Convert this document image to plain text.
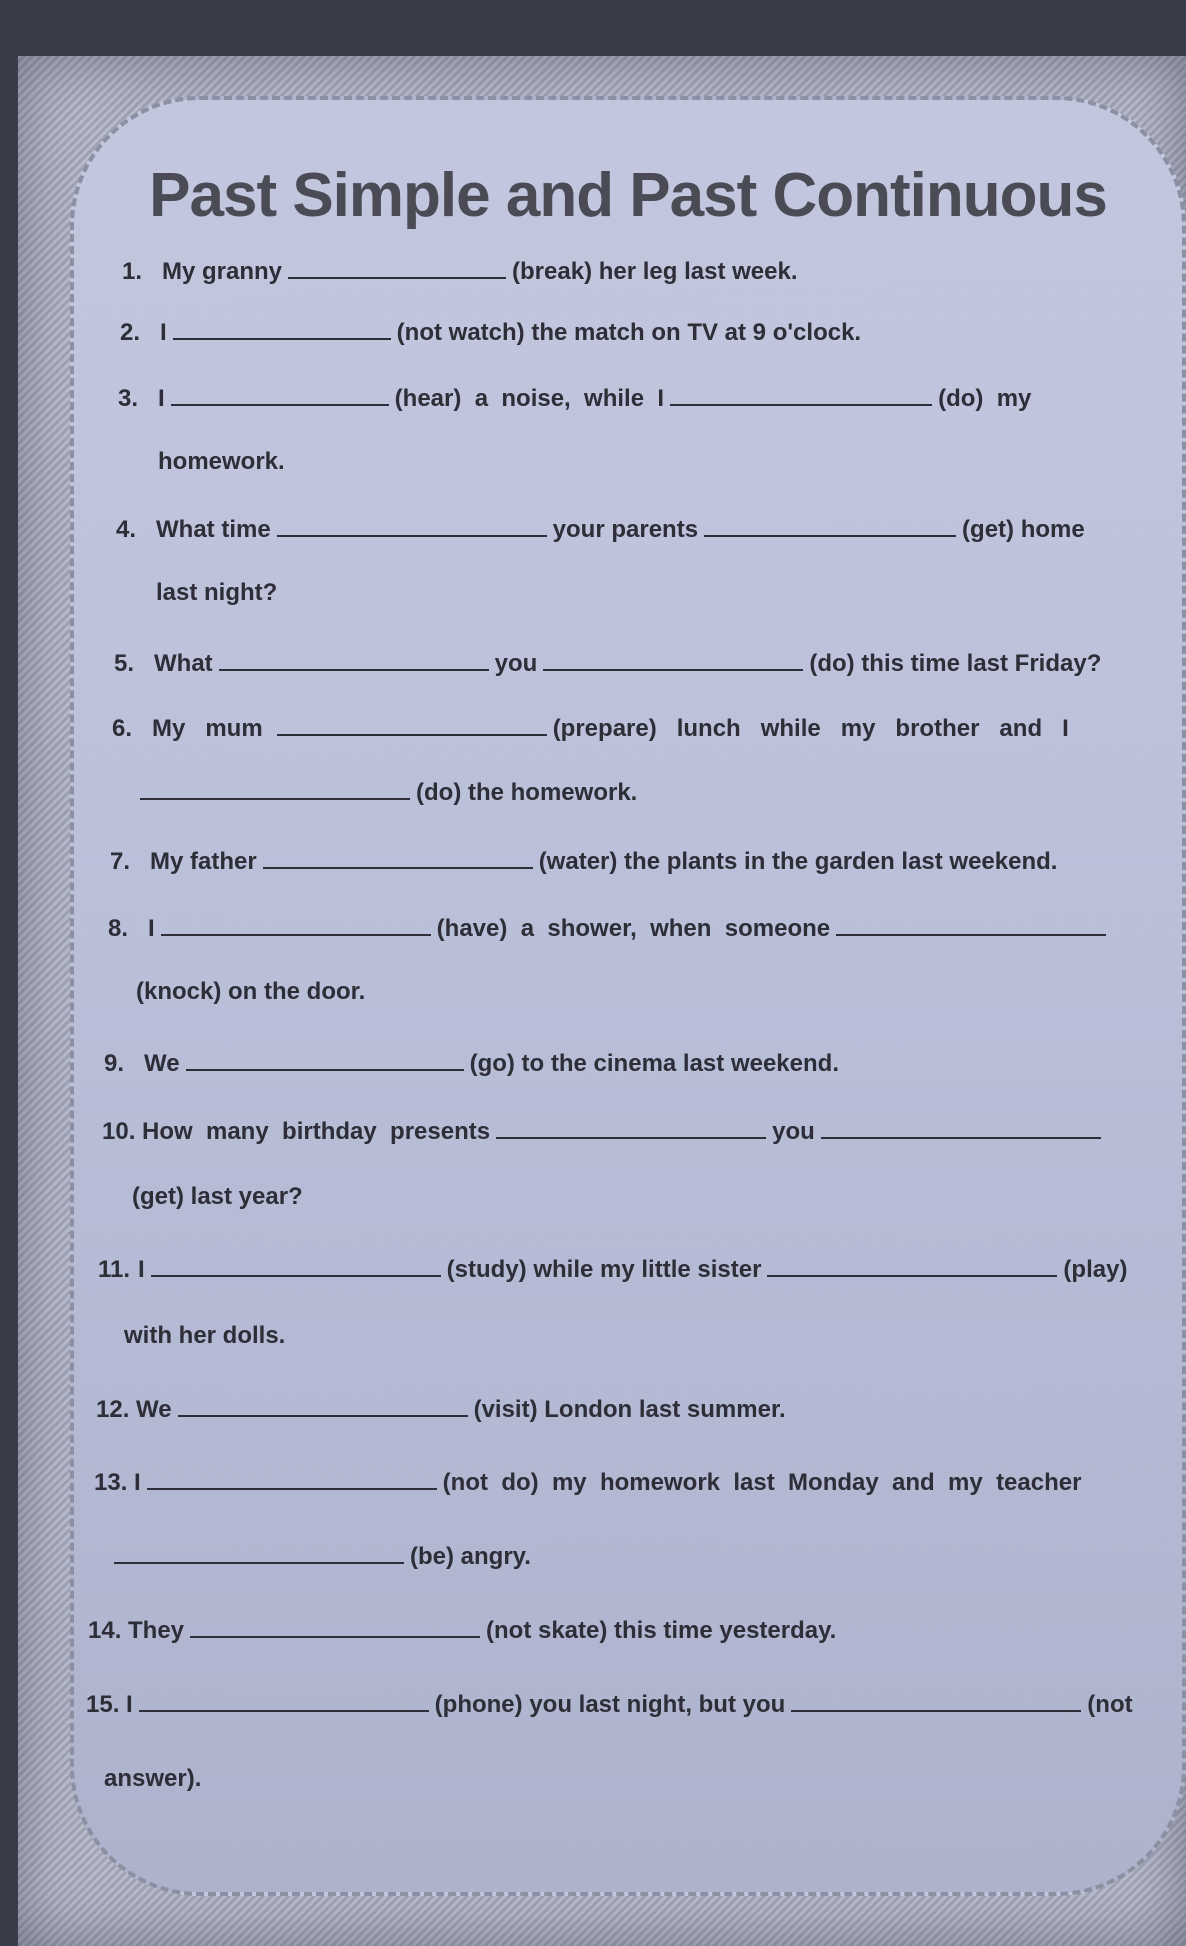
Past Simple and Past Continuous
1. My granny	(break) her leg last week.
2. I	(not watch) the match on TV at 9 o'clock.
3. I	(hear)  a  noise,  while  I	(do)  my
homework.
4. What time	your parents	(get) home
last night?
5. What	you	(do) this time last Friday?
6. My   mum	(prepare)   lunch   while   my   brother   and   I
(do) the homework.
7. My father	(water) the plants in the garden last weekend.
8. I	(have)  a  shower,  when  someone
(knock) on the door.
9. We	(go) to the cinema last weekend.
10. How  many  birthday  presents	you
(get) last year?
11. I	(study) while my little sister	(play)
with her dolls.
12. We	(visit) London last summer.
13. I	(not  do)  my  homework  last  Monday  and  my  teacher
(be) angry.
14. They	(not skate) this time yesterday.
15. I	(phone) you last night, but you	(not
answer).
